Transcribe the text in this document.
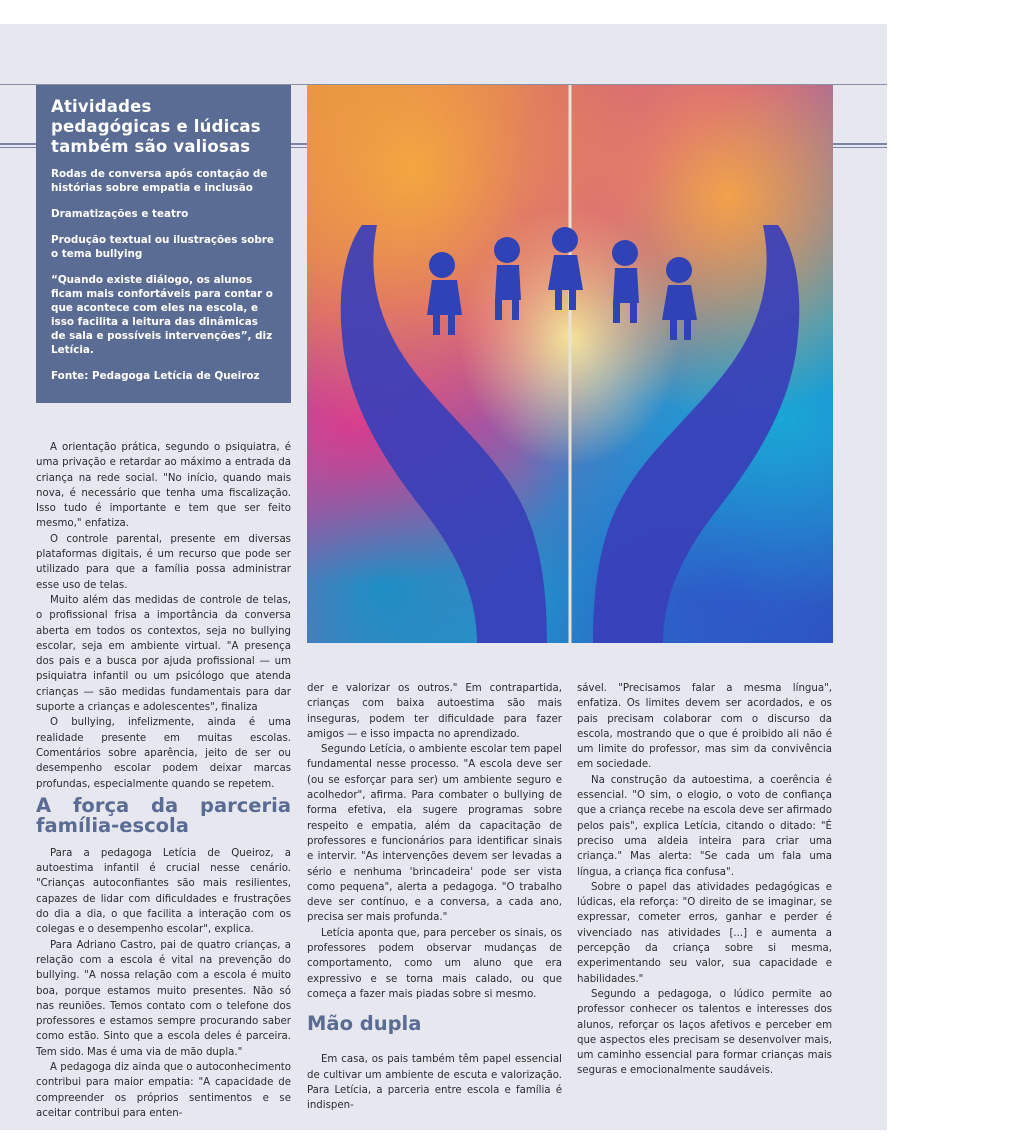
Atividades pedagógicas e lúdicas também são valiosas

Rodas de conversa após contação de histórias sobre empatia e inclusão

Dramatizações e teatro

Produção textual ou ilustrações sobre o tema bullying

“Quando existe diálogo, os alunos ficam mais confortáveis para contar o que acontece com eles na escola, e isso facilita a leitura das dinâmicas de sala e possíveis intervenções”, diz Letícia.

Fonte: Pedagoga Letícia de Queiroz

A orientação prática, segundo o psiquiatra, é uma privação e retardar ao máximo a entrada da criança na rede social. "No início, quando mais nova, é necessário que tenha uma fiscalização. Isso tudo é importante e tem que ser feito mesmo," enfatiza.

O controle parental, presente em diversas plataformas digitais, é um recurso que pode ser utilizado para que a família possa administrar esse uso de telas.

Muito além das medidas de controle de telas, o profissional frisa a importância da conversa aberta em todos os contextos, seja no bullying escolar, seja em ambiente virtual. "A presença dos pais e a busca por ajuda profissional — um psiquiatra infantil ou um psicólogo que atenda crianças — são medidas fundamentais para dar suporte a crianças e adolescentes", finaliza

O bullying, infelizmente, ainda é uma realidade presente em muitas escolas. Comentários sobre aparência, jeito de ser ou desempenho escolar podem deixar marcas profundas, especialmente quando se repetem.

A força da parceria família-escola

Para a pedagoga Letícia de Queiroz, a autoestima infantil é crucial nesse cenário. "Crianças autoconfiantes são mais resilientes, capazes de lidar com dificuldades e frustrações do dia a dia, o que facilita a interação com os colegas e o desempenho escolar", explica.

Para Adriano Castro, pai de quatro crianças, a relação com a escola é vital na prevenção do bullying. "A nossa relação com a escola é muito boa, porque estamos muito presentes. Não só nas reuniões. Temos contato com o telefone dos professores e estamos sempre procurando saber como estão. Sinto que a escola deles é parceira. Tem sido. Mas é uma via de mão dupla."

A pedagoga diz ainda que o autoconhecimento contribui para maior empatia: "A capacidade de compreender os próprios sentimentos e se aceitar contribui para enten-

der e valorizar os outros." Em contrapartida, crianças com baixa autoestima são mais inseguras, podem ter dificuldade para fazer amigos — e isso impacta no aprendizado.

Segundo Letícia, o ambiente escolar tem papel fundamental nesse processo. "A escola deve ser (ou se esforçar para ser) um ambiente seguro e acolhedor", afirma. Para combater o bullying de forma efetiva, ela sugere programas sobre respeito e empatia, além da capacitação de professores e funcionários para identificar sinais e intervir. "As intervenções devem ser levadas a sério e nenhuma 'brincadeira' pode ser vista como pequena", alerta a pedagoga. "O trabalho deve ser contínuo, e a conversa, a cada ano, precisa ser mais profunda."

Letícia aponta que, para perceber os sinais, os professores podem observar mudanças de comportamento, como um aluno que era expressivo e se torna mais calado, ou que começa a fazer mais piadas sobre si mesmo.

Mão dupla

Em casa, os pais também têm papel essencial de cultivar um ambiente de escuta e valorização. Para Letícia, a parceria entre escola e família é indispen-

sável. "Precisamos falar a mesma língua", enfatiza. Os limites devem ser acordados, e os pais precisam colaborar com o discurso da escola, mostrando que o que é proibido ali não é um limite do professor, mas sim da convivência em sociedade.

Na construção da autoestima, a coerência é essencial. "O sim, o elogio, o voto de confiança que a criança recebe na escola deve ser afirmado pelos pais", explica Letícia, citando o ditado: "É preciso uma aldeia inteira para criar uma criança." Mas alerta: "Se cada um fala uma língua, a criança fica confusa".

Sobre o papel das atividades pedagógicas e lúdicas, ela reforça: "O direito de se imaginar, se expressar, cometer erros, ganhar e perder é vivenciado nas atividades [...] e aumenta a percepção da criança sobre si mesma, experimentando seu valor, sua capacidade e habilidades."

Segundo a pedagoga, o lúdico permite ao professor conhecer os talentos e interesses dos alunos, reforçar os laços afetivos e perceber em que aspectos eles precisam se desenvolver mais, um caminho essencial para formar crianças mais seguras e emocionalmente saudáveis.
